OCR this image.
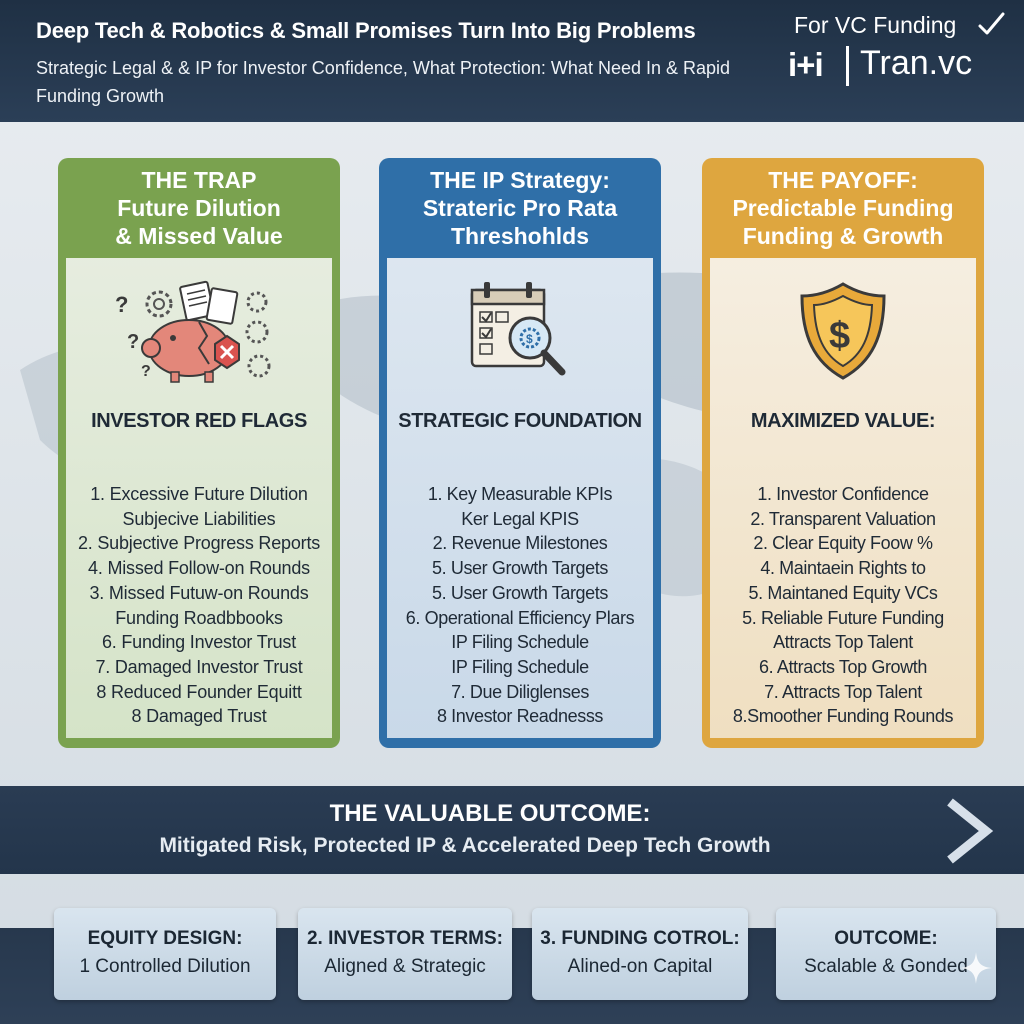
Deep Tech & Robotics & Small Promises Turn Into Big Problems
Strategic Legal & & IP for Investor Confidence, What Protection: What Need In & Rapid Funding Growth
For VC Funding
i+i Tran.vc
THE TRAP
Future Dilution
& Missed Value
?
?
?
INVESTOR RED FLAGS
1. Excessive Future Dilution
Subjecive Liabilities
2. Subjective Progress Reports
4. Missed Follow-on Rounds
3. Missed Futuw-on Rounds
Funding Roadbbooks
6. Funding Investor Trust
7. Damaged Investor Trust
8 Reduced Founder Equitt
8 Damaged Trust
THE IP Strategy:
Strateric Pro Rata
Threshohlds
$
STRATEGIC FOUNDATION
1. Key Measurable KPIs
Ker Legal KPIS
2. Revenue Milestones
5. User Growth Targets
5. User Growth Targets
6. Operational Efficiency Plars
IP Filing Schedule
IP Filing Schedule
7. Due Diliglenses
8 Investor Readnesss
THE PAYOFF:
Predictable Funding
Funding & Growth
$
MAXIMIZED VALUE:
1. Investor Confidence
2. Transparent Valuation
2. Clear Equity Foow %
4. Maintaein Rights to
5. Maintaned Equity VCs
5. Reliable Future Funding
Attracts Top Talent
6. Attracts Top Growth
7. Attracts Top Talent
8.Smoother Funding Rounds
THE VALUABLE OUTCOME:
Mitigated Risk, Protected IP & Accelerated Deep Tech Growth
EQUITY DESIGN:
1 Controlled Dilution
2. INVESTOR TERMS:
Aligned & Strategic
3. FUNDING COTROL:
Alined-on Capital
OUTCOME:
Scalable & Gonded
